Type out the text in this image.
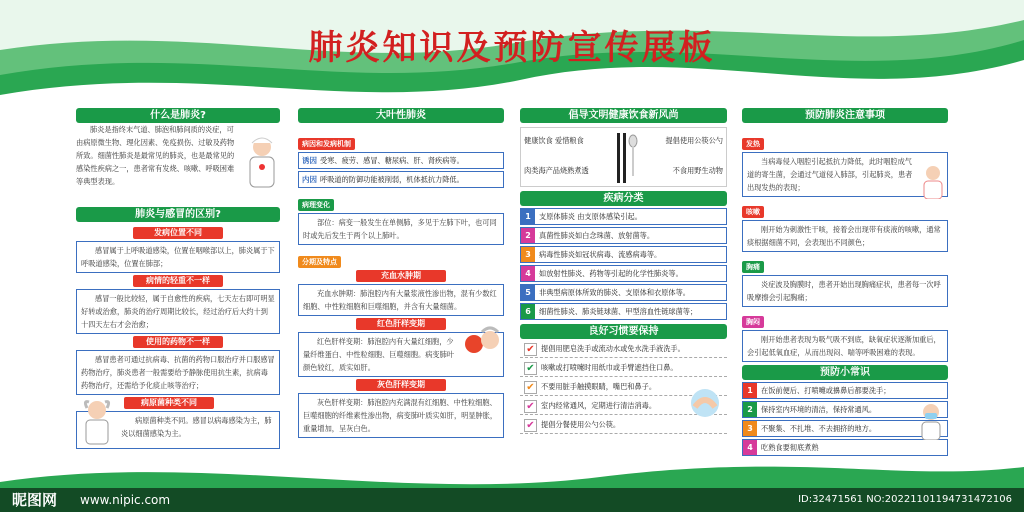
肺炎知识及预防宣传展板
什么是肺炎?
肺炎是指终末气道、肺泡和肺间质的炎症，可由病原微生物、理化因素、免疫损伤、过敏及药物所致。细菌性肺炎是最常见的肺炎，也是最常见的感染性疾病之一，患者常有发烧、咳嗽、呼吸困难等典型表现。
肺炎与感冒的区别?
发病位置不同
感冒属于上呼吸道感染，位置在咽喉部以上，肺炎属于下呼吸道感染，位置在肺部；
病情的轻重不一样
感冒一般比较轻，属于自愈性的疾病，七天左右即可明显好转或治愈，肺炎的治疗周期比较长，经过治疗后大约十到十四天左右才会治愈；
使用的药物不一样
感冒患者可通过抗病毒、抗菌的药物口服治疗并口服感冒药物治疗，肺炎患者一般需要给予静脉使用抗生素，抗病毒药物治疗，还需给予化痰止咳等治疗；
病原菌种类不同
病原菌种类不同。感冒以病毒感染为主，肺炎以细菌感染为主。
大叶性肺炎
病因和发病机制
诱因 受寒、疲劳、感冒、糖尿病、肝、肾疾病等。
内因 呼吸道的防御功能被削弱，机体抵抗力降低。
病理变化
部位：病变一般发生在单侧肺，多见于左肺下叶，也可同时或先后发生于两个以上肺叶。
分期及特点
充血水肿期
充血水肿期：肺泡腔内有大量浆液性渗出物，混有少数红细胞、中性粒细胞和巨噬细胞，并含有大量细菌。
红色肝样变期
红色肝样变期：肺泡腔内有大量红细胞，少量纤维蛋白、中性粒细胞、巨噬细胞。病变肺叶颜色较红，质实如肝。
灰色肝样变期
灰色肝样变期：肺泡腔内充满混有红细胞、中性粒细胞、巨噬细胞的纤维素性渗出物，病变肺叶质实如肝，明显肿胀，重量增加，呈灰白色。
倡导文明健康饮食新风尚
健康饮食 爱惜粮食	提倡使用公筷公勺
肉类海产品烧熟煮透	不食用野生动物
疾病分类
1	支原体肺炎 由支原体感染引起。
2	真菌性肺炎如白念珠菌、放射菌等。
3	病毒性肺炎如冠状病毒、流感病毒等。
4	如放射性肺炎、药物等引起的化学性肺炎等。
5	非典型病原体所致的肺炎、支原体和衣原体等。
6	细菌性肺炎、肺炎链球菌、甲型溶血性链球菌等；
良好习惯要保持
✔ 提倡用肥皂洗手或流动水或免水洗手液洗手。
✔ 咳嗽或打喷嚏时用纸巾或手臂遮挡住口鼻。
✔ 不要用脏手触摸眼睛，嘴巴和鼻子。
✔ 室内经常通风，定期进行清洁消毒。
✔ 提倡分餐使用公勺公筷。
预防肺炎注意事项
发热
当病毒侵入咽腔引起抵抗力降低，此时咽腔成气道的寄生菌，会通过气道侵入肺部，引起肺炎，患者出现发热的表现；
咳嗽
刚开始为刺激性干咳，接着会出现带有痰液的咳嗽，通常痰根据细菌不同，会表现出不同颜色；
胸痛
炎症波及胸膜时，患者开始出现胸痛症状，患者每一次呼吸摩擦会引起胸痛；
胸闷
刚开始患者表现为吸气吸不到底，缺氧症状逐渐加重后，会引起低氧血症，从而出现闷、喘等呼吸困难的表现。
预防小常识
1	在饭前便后、打喷嚏或擤鼻后都要洗手；
2	保持室内环境的清洁，保持常通风。
3	不聚集、不扎堆、不去拥挤的地方。
4	吃熟食要彻底煮熟
昵图网 www.nipic.com	ID:32471561 NO:20221101194731472106
